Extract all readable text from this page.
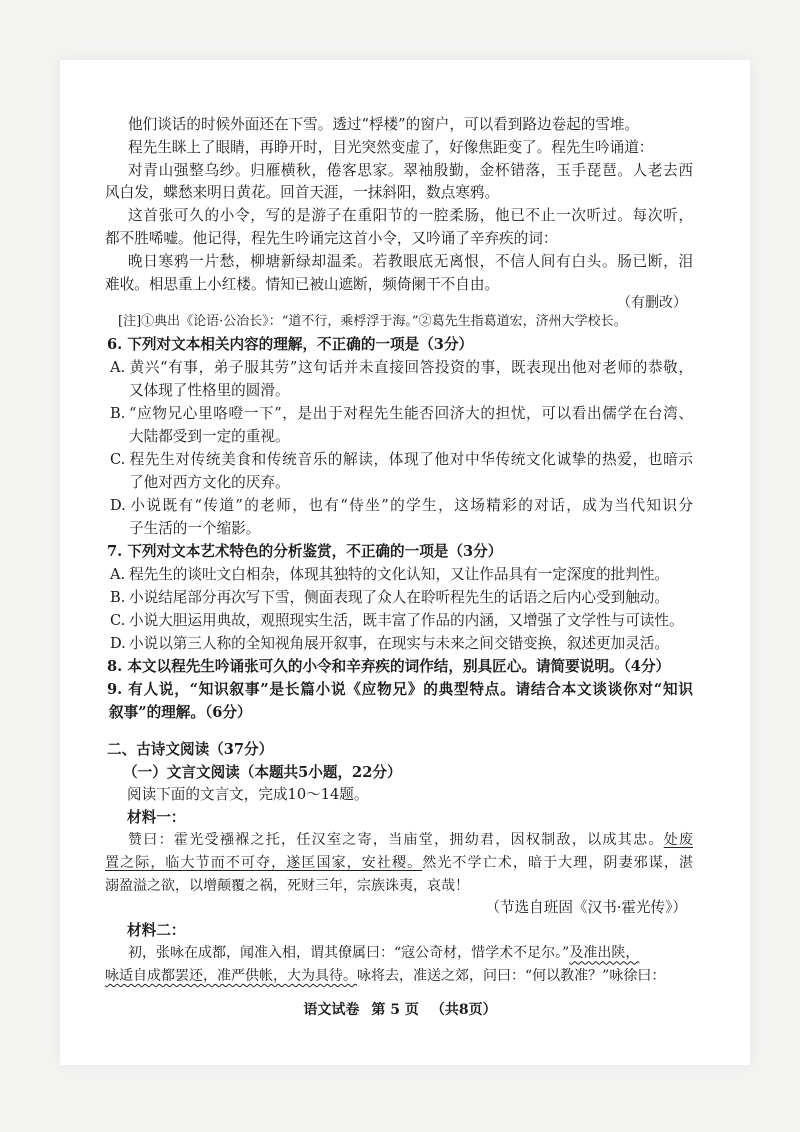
他们谈话的时候外面还在下雪。透过“桴楼”的窗户，可以看到路边卷起的雪堆。
程先生眯上了眼睛，再睁开时，目光突然变虚了，好像焦距变了。程先生吟诵道：
对青山强整乌纱。归雁横秋，倦客思家。翠袖殷勤，金杯错落，玉手琵琶。人老去西
风白发，蝶愁来明日黄花。回首天涯，一抹斜阳，数点寒鸦。
这首张可久的小令，写的是游子在重阳节的一腔柔肠，他已不止一次听过。每次听，
都不胜唏嘘。他记得，程先生吟诵完这首小令，又吟诵了辛弃疾的词：
晚日寒鸦一片愁，柳塘新绿却温柔。若教眼底无离恨，不信人间有白头。肠已断，泪
难收。相思重上小红楼。情知已被山遮断，频倚阑干不自由。
（有删改）
[注]①典出《论语·公冶长》：“道不行，乘桴浮于海。”②葛先生指葛道宏，济州大学校长。
6. 下列对文本相关内容的理解，不正确的一项是（3分）
A. 黄兴“有事，弟子服其劳”这句话并未直接回答投资的事，既表现出他对老师的恭敬，
又体现了性格里的圆滑。
B. “应物兄心里咯噔一下”，是出于对程先生能否回济大的担忧，可以看出儒学在台湾、
大陆都受到一定的重视。
C. 程先生对传统美食和传统音乐的解读，体现了他对中华传统文化诚挚的热爱，也暗示
了他对西方文化的厌弃。
D. 小说既有“传道”的老师，也有“侍坐”的学生，这场精彩的对话，成为当代知识分
子生活的一个缩影。
7. 下列对文本艺术特色的分析鉴赏，不正确的一项是（3分）
A. 程先生的谈吐文白相杂，体现其独特的文化认知，又让作品具有一定深度的批判性。
B. 小说结尾部分再次写下雪，侧面表现了众人在聆听程先生的话语之后内心受到触动。
C. 小说大胆运用典故，观照现实生活，既丰富了作品的内涵，又增强了文学性与可读性。
D. 小说以第三人称的全知视角展开叙事，在现实与未来之间交错变换，叙述更加灵活。
8. 本文以程先生吟诵张可久的小令和辛弃疾的词作结，别具匠心。请简要说明。（4分）
9. 有人说，“知识叙事”是长篇小说《应物兄》的典型特点。请结合本文谈谈你对“知识
叙事”的理解。（6分）
二、古诗文阅读（37分）
（一）文言文阅读（本题共5小题，22分）
阅读下面的文言文，完成10～14题。
材料一：
赞曰：霍光受襁褓之托，任汉室之寄，当庙堂，拥幼君，因权制敌，以成其忠。处废
置之际，临大节而不可夺，遂匡国家，安社稷。然光不学亡术，暗于大理，阴妻邪谋，湛
溺盈溢之欲，以增颠覆之祸，死财三年，宗族诛夷，哀哉！
（节选自班固《汉书·霍光传》）
材料二：
初，张咏在成都，闻准入相，谓其僚属曰：“寇公奇材，惜学术不足尔。”及准出陕，
咏适自成都罢还，准严供帐，大为具待。咏将去，准送之郊，问曰：“何以教准？”咏徐曰：
语文试卷 第 5 页 （共8页）
